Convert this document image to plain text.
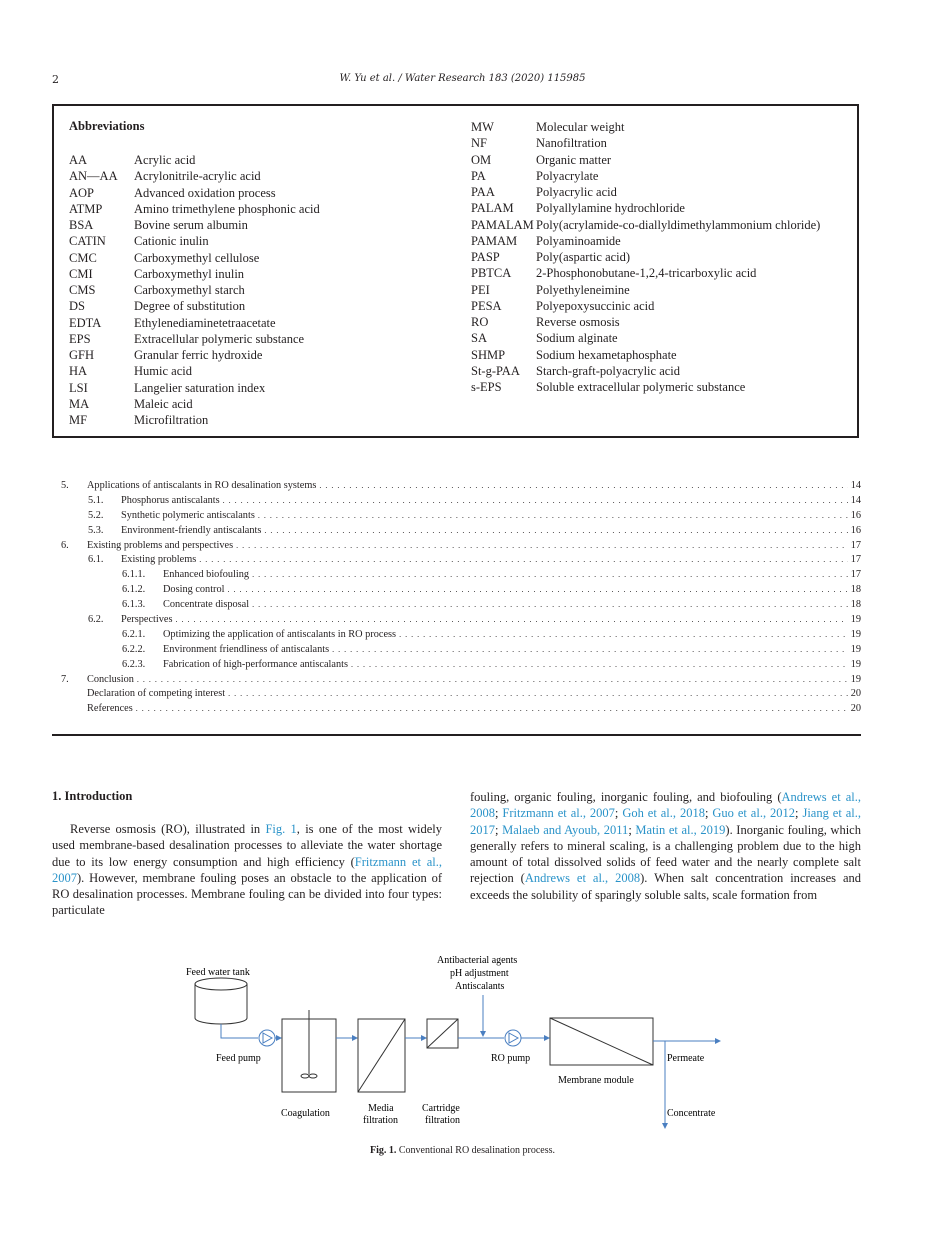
2	W. Yu et al. / Water Research 183 (2020) 115985
Abbreviations
AA	Acrylic acid
AN—AA	Acrylonitrile-acrylic acid
AOP	Advanced oxidation process
ATMP	Amino trimethylene phosphonic acid
BSA	Bovine serum albumin
CATIN	Cationic inulin
CMC	Carboxymethyl cellulose
CMI	Carboxymethyl inulin
CMS	Carboxymethyl starch
DS	Degree of substitution
EDTA	Ethylenediaminetetraacetate
EPS	Extracellular polymeric substance
GFH	Granular ferric hydroxide
HA	Humic acid
LSI	Langelier saturation index
MA	Maleic acid
MF	Microfiltration
MW	Molecular weight
NF	Nanofiltration
OM	Organic matter
PA	Polyacrylate
PAA	Polyacrylic acid
PALAM	Polyallylamine hydrochloride
PAMALAM Poly(acrylamide-co-diallyldimethylammonium chloride)
PAMAM	Polyaminoamide
PASP	Poly(aspartic acid)
PBTCA	2-Phosphonobutane-1,2,4-tricarboxylic acid
PEI	Polyethyleneimine
PESA	Polyepoxysuccinic acid
RO	Reverse osmosis
SA	Sodium alginate
SHMP	Sodium hexametaphosphate
St-g-PAA	Starch-graft-polyacrylic acid
s-EPS	Soluble extracellular polymeric substance
5.	Applications of antiscalants in RO desalination systems . . .	14
5.1.	Phosphorus antiscalants . . .	14
5.2.	Synthetic polymeric antiscalants . . .	16
5.3.	Environment-friendly antiscalants . . .	16
6.	Existing problems and perspectives . . .	17
6.1.	Existing problems . . .	17
6.1.1.	Enhanced biofouling . . .	17
6.1.2.	Dosing control . . .	18
6.1.3.	Concentrate disposal . . .	18
6.2.	Perspectives . . .	19
6.2.1.	Optimizing the application of antiscalants in RO process . . .	19
6.2.2.	Environment friendliness of antiscalants . . .	19
6.2.3.	Fabrication of high-performance antiscalants . . .	19
7.	Conclusion . . .	19
Declaration of competing interest . . .	20
References . . .	20
1. Introduction
Reverse osmosis (RO), illustrated in Fig. 1, is one of the most widely used membrane-based desalination processes to alleviate the water shortage due to its low energy consumption and high efficiency (Fritzmann et al., 2007). However, membrane fouling poses an obstacle to the application of RO desalination processes. Membrane fouling can be divided into four types: particulate
fouling, organic fouling, inorganic fouling, and biofouling (Andrews et al., 2008; Fritzmann et al., 2007; Goh et al., 2018; Guo et al., 2012; Jiang et al., 2017; Malaeb and Ayoub, 2011; Matin et al., 2019). Inorganic fouling, which generally refers to mineral scaling, is a challenging problem due to the high amount of total dissolved solids of feed water and the nearly complete salt rejection (Andrews et al., 2008). When salt concentration increases and exceeds the solubility of sparingly soluble salts, scale formation from
Feed water tank
Feed pump
Coagulation	Media
filtration
Cartridge
filtration
Antibacterial agents
pH adjustment
Antiscalants
RO pump
Membrane module
Permeate
Concentrate
Fig. 1. Conventional RO desalination process.
